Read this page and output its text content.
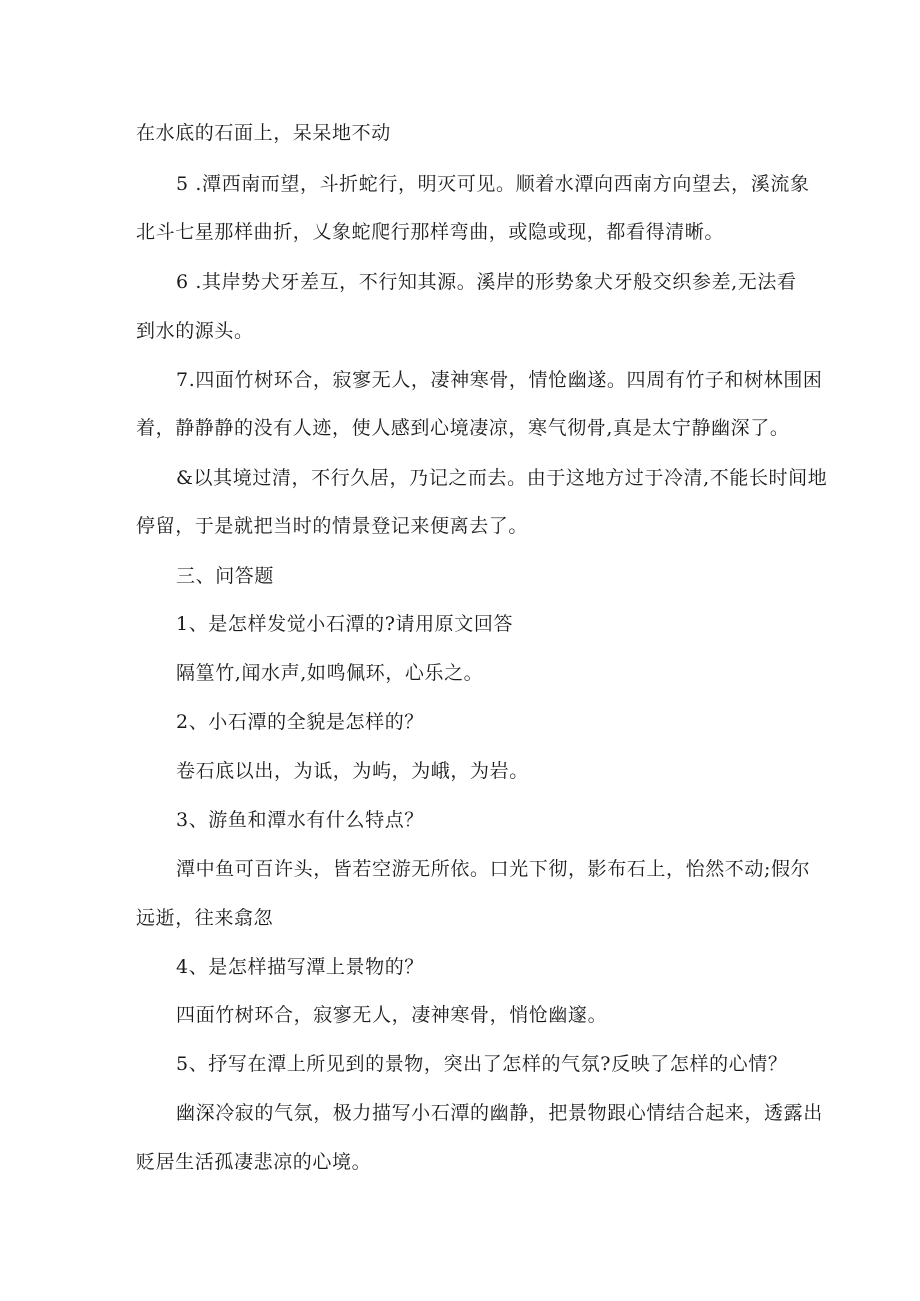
在水底的石面上，呆呆地不动
5 .潭西南而望，斗折蛇行，明灭可见。顺着水潭向西南方向望去，溪流象
北斗七星那样曲折，乂象蛇爬行那样弯曲，或隐或现，都看得清晰。
6 .其岸势犬牙差互，不行知其源。溪岸的形势象犬牙般交织参差,无法看
到水的源头。
7.四面竹树环合，寂寥无人，凄神寒骨，情怆幽遂。四周有竹子和树林围困
着，静静静的没有人迹，使人感到心境凄凉，寒气彻骨,真是太宁静幽深了。
&以其境过清，不行久居，乃记之而去。由于这地方过于冷清,不能长时间地
停留，于是就把当时的情景登记来便离去了。
三、问答题
1、是怎样发觉小石潭的?请用原文回答
隔篁竹,闻水声,如鸣佩环，心乐之。
2、小石潭的全貌是怎样的？
卷石底以出，为诋，为屿，为峨，为岩。
3、游鱼和潭水有什么特点？
潭中鱼可百许头，皆若空游无所依。口光下彻，影布石上，怡然不动;假尔
远逝，往来翕忽
4、是怎样描写潭上景物的？
四面竹树环合，寂寥无人，凄神寒骨，悄怆幽邃。
5、抒写在潭上所见到的景物，突出了怎样的气氛?反映了怎样的心情？
幽深冷寂的气氛，极力描写小石潭的幽静，把景物跟心情结合起来，透露出
贬居生活孤凄悲凉的心境。
